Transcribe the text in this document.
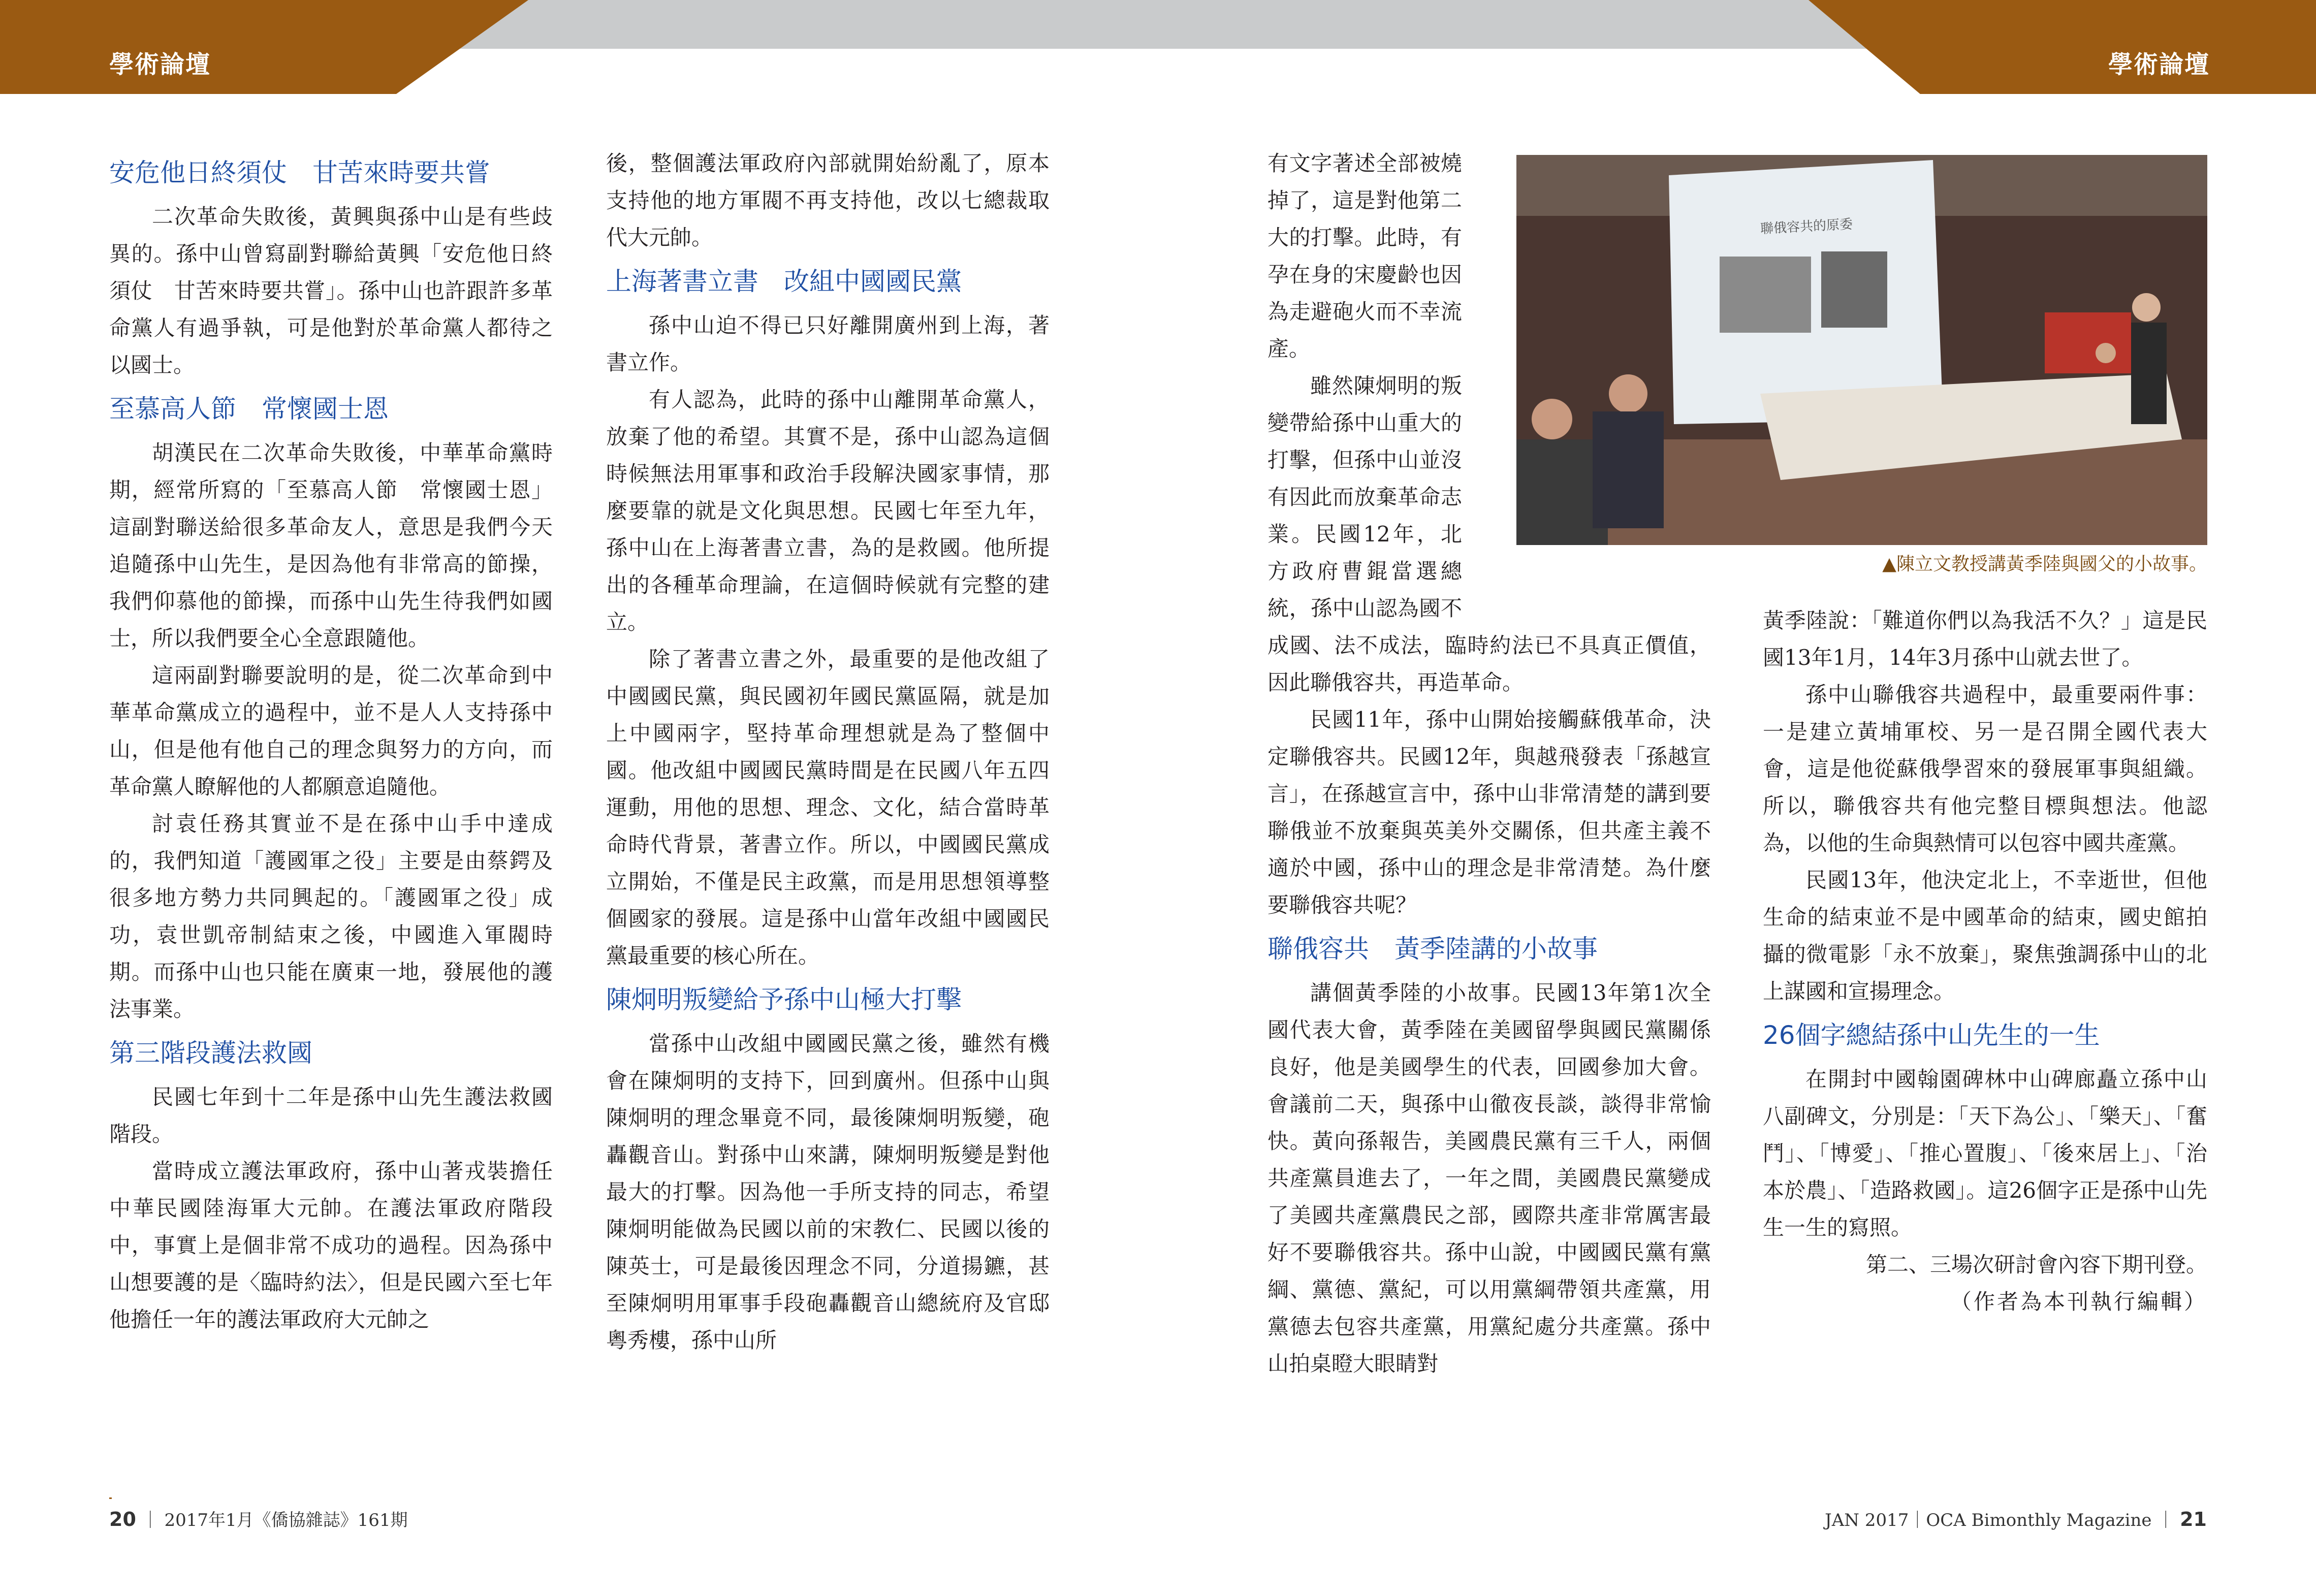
學術論壇	學術論壇
安危他日終須仗　甘苦來時要共嘗

二次革命失敗後，黃興與孫中山是有些歧異的。孫中山曾寫副對聯給黃興「安危他日終須仗　甘苦來時要共嘗」。孫中山也許跟許多革命黨人有過爭執，可是他對於革命黨人都待之以國士。

至慕高人節　常懷國士恩

胡漢民在二次革命失敗後，中華革命黨時期，經常所寫的「至慕高人節　常懷國士恩」這副對聯送給很多革命友人，意思是我們今天追隨孫中山先生，是因為他有非常高的節操，我們仰慕他的節操，而孫中山先生待我們如國士，所以我們要全心全意跟隨他。

這兩副對聯要說明的是，從二次革命到中華革命黨成立的過程中，並不是人人支持孫中山，但是他有他自己的理念與努力的方向，而革命黨人瞭解他的人都願意追隨他。

討袁任務其實並不是在孫中山手中達成的，我們知道「護國軍之役」主要是由蔡鍔及很多地方勢力共同興起的。「護國軍之役」成功，袁世凱帝制結束之後，中國進入軍閥時期。而孫中山也只能在廣東一地，發展他的護法事業。

第三階段護法救國

民國七年到十二年是孫中山先生護法救國階段。

當時成立護法軍政府，孫中山著戎裝擔任中華民國陸海軍大元帥。在護法軍政府階段中，事實上是個非常不成功的過程。因為孫中山想要護的是〈臨時約法〉，但是民國六至七年他擔任一年的護法軍政府大元帥之

後，整個護法軍政府內部就開始紛亂了，原本支持他的地方軍閥不再支持他，改以七總裁取代大元帥。

上海著書立書　改組中國國民黨

孫中山迫不得已只好離開廣州到上海，著書立作。

有人認為，此時的孫中山離開革命黨人，放棄了他的希望。其實不是，孫中山認為這個時候無法用軍事和政治手段解決國家事情，那麼要靠的就是文化與思想。民國七年至九年，孫中山在上海著書立書，為的是救國。他所提出的各種革命理論，在這個時候就有完整的建立。

除了著書立書之外，最重要的是他改組了中國國民黨，與民國初年國民黨區隔，就是加上中國兩字，堅持革命理想就是為了整個中國。他改組中國國民黨時間是在民國八年五四運動，用他的思想、理念、文化，結合當時革命時代背景，著書立作。所以，中國國民黨成立開始，不僅是民主政黨，而是用思想領導整個國家的發展。這是孫中山當年改組中國國民黨最重要的核心所在。

陳炯明叛變給予孫中山極大打擊

當孫中山改組中國國民黨之後，雖然有機會在陳炯明的支持下，回到廣州。但孫中山與陳炯明的理念畢竟不同，最後陳炯明叛變，砲轟觀音山。對孫中山來講，陳炯明叛變是對他最大的打擊。因為他一手所支持的同志，希望陳炯明能做為民國以前的宋教仁、民國以後的陳英士，可是最後因理念不同，分道揚鑣，甚至陳炯明用軍事手段砲轟觀音山總統府及官邸粵秀樓，孫中山所

有文字著述全部被燒掉了，這是對他第二大的打擊。此時，有孕在身的宋慶齡也因為走避砲火而不幸流產。

雖然陳炯明的叛變帶給孫中山重大的打擊，但孫中山並沒有因此而放棄革命志業。民國12年，北方政府曹錕當選總統，孫中山認為國不成國、法不成法，臨時約法已不具真正價值，因此聯俄容共，再造革命。

民國11年，孫中山開始接觸蘇俄革命，決定聯俄容共。民國12年，與越飛發表「孫越宣言」，在孫越宣言中，孫中山非常清楚的講到要聯俄並不放棄與英美外交關係，但共產主義不適於中國，孫中山的理念是非常清楚。為什麼要聯俄容共呢？

聯俄容共　黃季陸講的小故事

講個黃季陸的小故事。民國13年第1次全國代表大會，黃季陸在美國留學與國民黨關係良好，他是美國學生的代表，回國參加大會。會議前二天，與孫中山徹夜長談，談得非常愉快。黃向孫報告，美國農民黨有三千人，兩個共產黨員進去了，一年之間，美國農民黨變成了美國共產黨農民之部，國際共產非常厲害最好不要聯俄容共。孫中山說，中國國民黨有黨綱、黨德、黨紀，可以用黨綱帶領共產黨，用黨德去包容共產黨，用黨紀處分共產黨。孫中山拍桌瞪大眼睛對

黃季陸說：「難道你們以為我活不久？」這是民國13年1月，14年3月孫中山就去世了。

孫中山聯俄容共過程中，最重要兩件事：一是建立黃埔軍校、另一是召開全國代表大會，這是他從蘇俄學習來的發展軍事與組織。所以，聯俄容共有他完整目標與想法。他認為，以他的生命與熱情可以包容中國共產黨。

民國13年，他決定北上，不幸逝世，但他生命的結束並不是中國革命的結束，國史館拍攝的微電影「永不放棄」，聚焦強調孫中山的北上謀國和宣揚理念。

26個字總結孫中山先生的一生

在開封中國翰園碑林中山碑廊矗立孫中山八副碑文，分別是：「天下為公」、「樂天」、「奮鬥」、「博愛」、「推心置腹」、「後來居上」、「治本於農」、「造路救國」。這26個字正是孫中山先生一生的寫照。

第二、三場次研討會內容下期刊登。

（作者為本刊執行編輯）

聯俄容共的原委
▲陳立文教授講黃季陸與國父的小故事。
20 ｜ 2017年1月《僑協雜誌》161期	JAN 2017｜OCA Bimonthly Magazine ｜ 21
